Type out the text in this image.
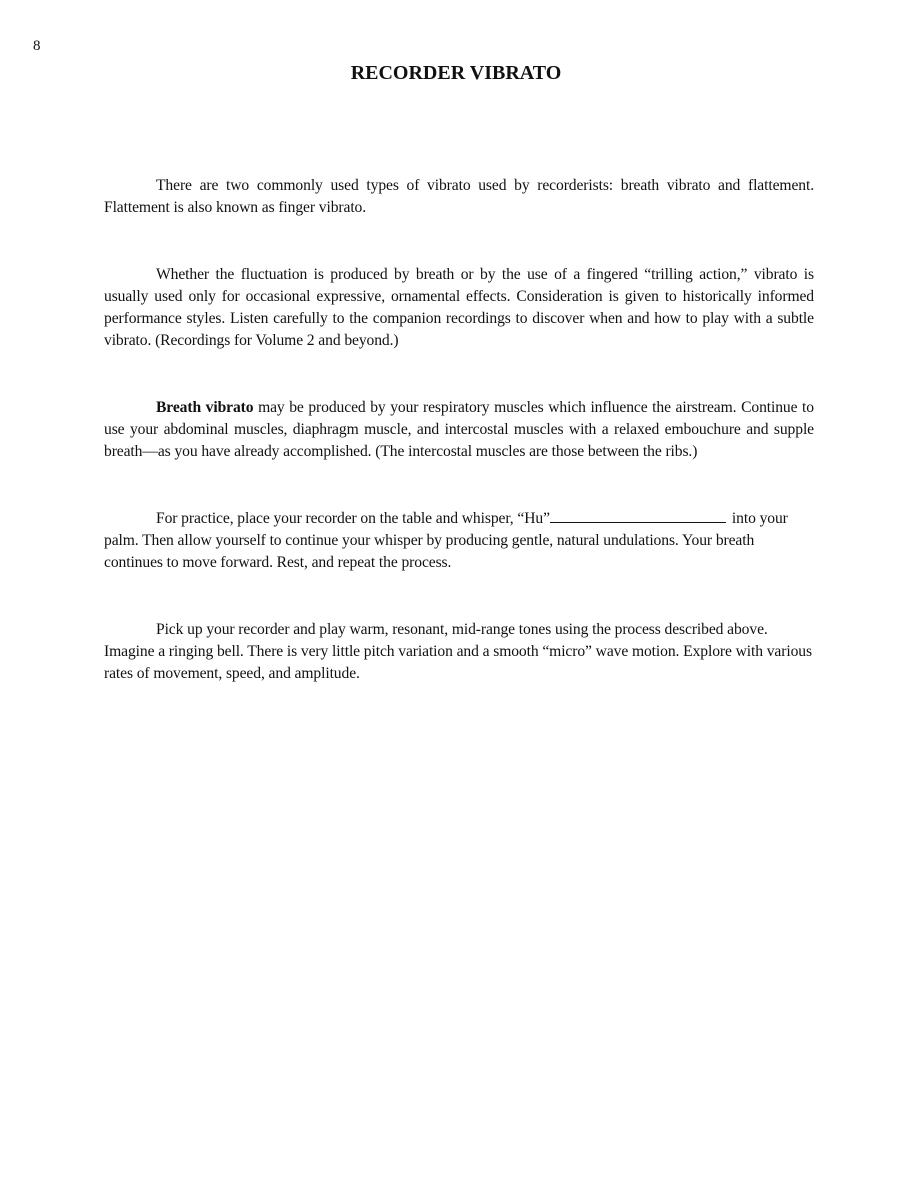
8
RECORDER VIBRATO

There are two commonly used types of vibrato used by recorderists: breath vibrato and flattement. Flattement is also known as finger vibrato.

Whether the fluctuation is produced by breath or by the use of a fingered “trilling action,” vibrato is usually used only for occasional expressive, ornamental effects. Consideration is given to historically informed performance styles. Listen carefully to the companion recordings to discover when and how to play with a subtle vibrato. (Recordings for Volume 2 and beyond.)

Breath vibrato may be produced by your respiratory muscles which influence the airstream. Continue to use your abdominal muscles, diaphragm muscle, and intercostal muscles with a relaxed embouchure and supple breath—as you have already accomplished. (The intercostal muscles are those between the ribs.)

For practice, place your recorder on the table and whisper, “Hu”	into your palm. Then allow yourself to continue your whisper by producing gentle, natural undulations. Your breath continues to move forward. Rest, and repeat the process.

Pick up your recorder and play warm, resonant, mid-range tones using the process described above. Imagine a ringing bell. There is very little pitch variation and a smooth “micro” wave motion. Explore with various rates of movement, speed, and amplitude.
